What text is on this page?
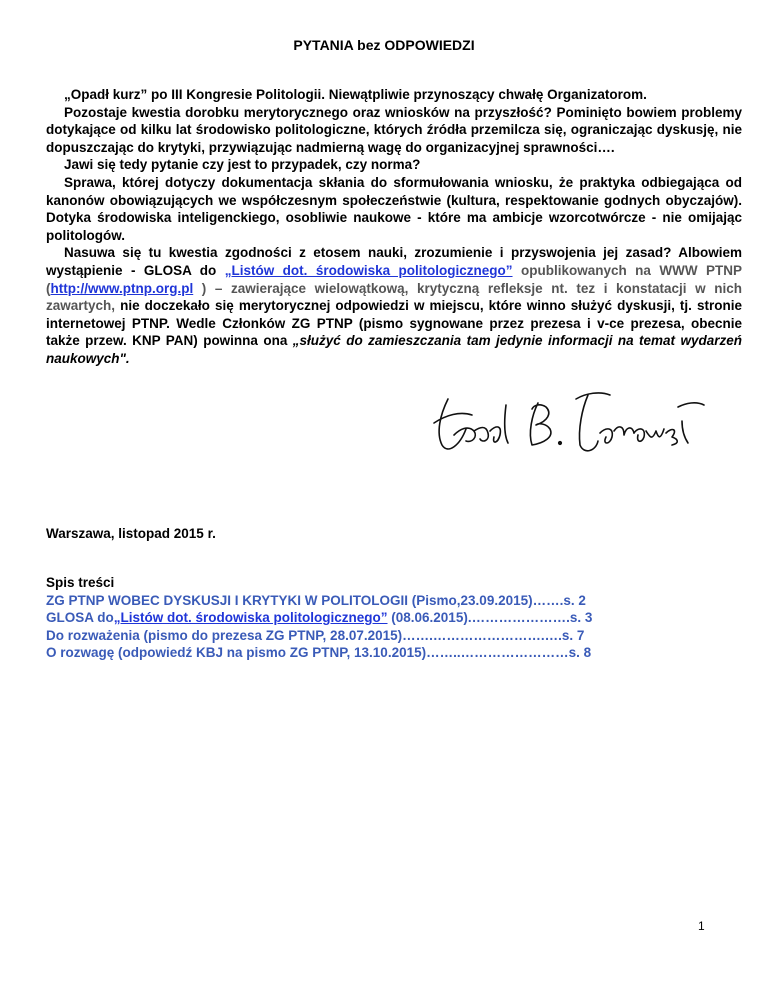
PYTANIA bez ODPOWIEDZI

„Opadł kurz” po III Kongresie Politologii. Niewątpliwie przynoszący chwałę Organizatorom.

Pozostaje kwestia dorobku merytorycznego oraz wniosków na przyszłość? Pominięto bowiem problemy dotykające od kilku lat środowisko politologiczne, których źródła przemilcza się, ograniczając dyskusję, nie dopuszczając do krytyki, przywiązując nadmierną wagę do organizacyjnej sprawności….

Jawi się tedy pytanie czy jest to przypadek, czy norma?

Sprawa, której dotyczy dokumentacja skłania do sformułowania wniosku, że praktyka odbiegająca od kanonów obowiązujących we współczesnym społeczeństwie (kultura, respektowanie godnych obyczajów). Dotyka środowiska inteligenckiego, osobliwie naukowe - które ma ambicje wzorcotwórcze - nie omijając politologów.

Nasuwa się tu kwestia zgodności z etosem nauki, zrozumienie i przyswojenia jej zasad? Albowiem wystąpienie - GLOSA do „Listów dot. środowiska politologicznego” opublikowanych na WWW PTNP (http://www.ptnp.org.pl ) – zawierające wielowątkową, krytyczną refleksje nt. tez i konstatacji w nich zawartych, nie doczekało się merytorycznej odpowiedzi w miejscu, które winno służyć dyskusji, tj. stronie internetowej PTNP. Wedle Członków ZG PTNP (pismo sygnowane przez prezesa i v-ce prezesa, obecnie także przew. KNP PAN) powinna ona „służyć do zamieszczania tam jedynie informacji na temat wydarzeń naukowych".

Warszawa, listopad 2015 r.
Spis treści
ZG PTNP WOBEC DYSKUSJI I KRYTYKI W POLITOLOGII (Pismo,23.09.2015)…….s. 2
GLOSA do„Listów dot. środowiska politologicznego” (08.06.2015).………………….s. 3
Do rozważenia (pismo do prezesa ZG PTNP, 28.07.2015)…….…………………….….s. 7
O rozwagę (odpowiedź KBJ na pismo ZG PTNP, 13.10.2015)……..……………………s. 8
1
